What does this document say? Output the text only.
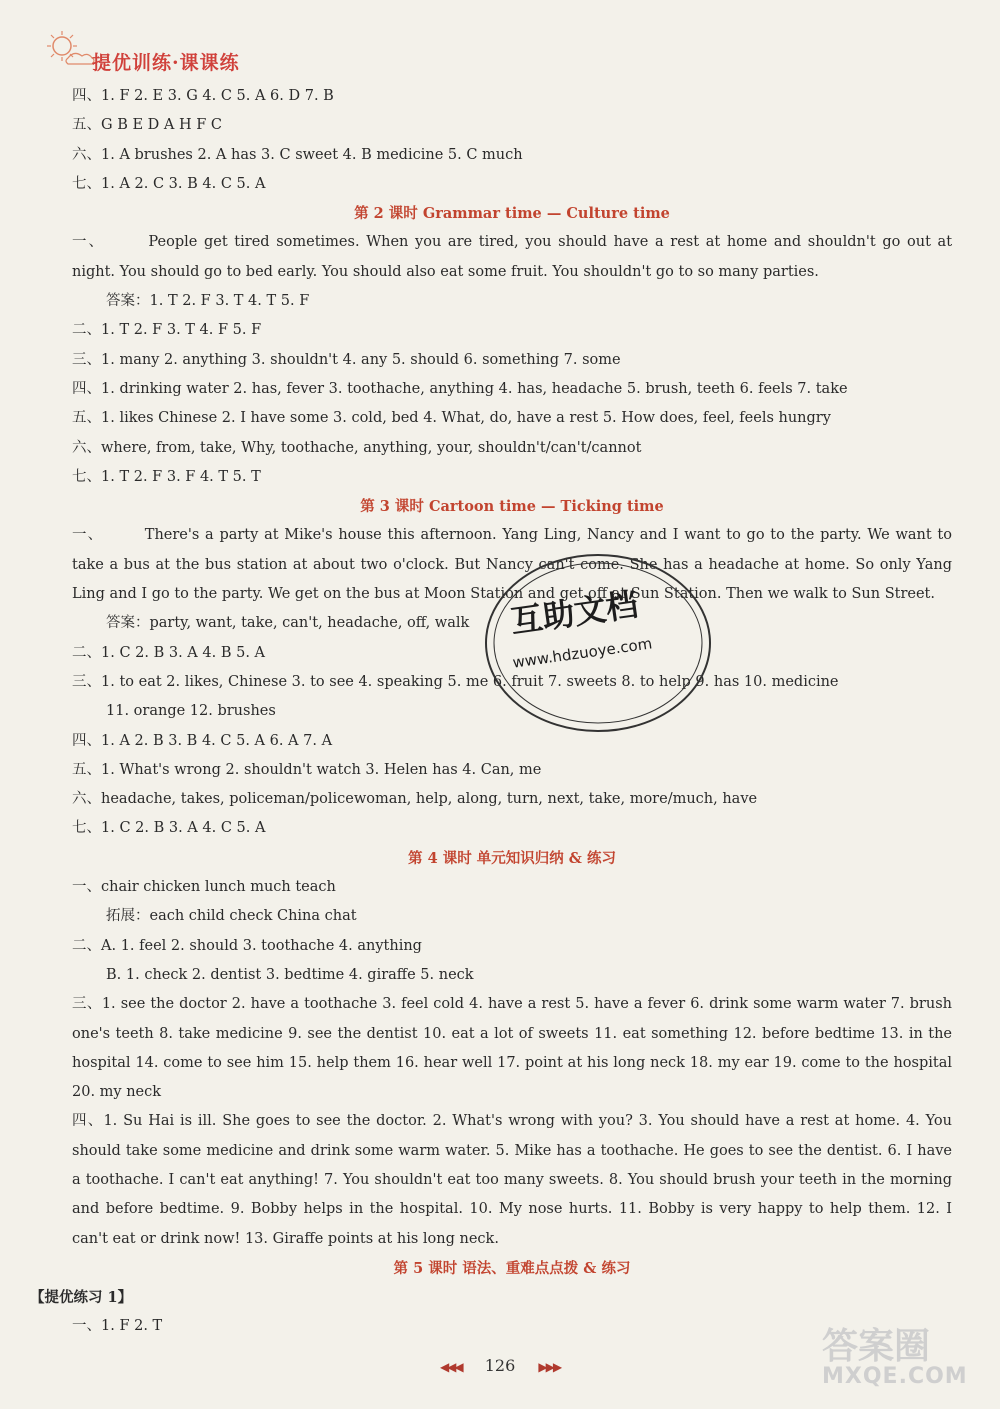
提优训练·课课练
四、1. F 2. E 3. G 4. C 5. A 6. D 7. B
五、G B E D A H F C
六、1. A brushes 2. A has 3. C sweet 4. B medicine 5. C much
七、1. A 2. C 3. B 4. C 5. A
第 2 课时 Grammar time — Culture time
一、	People get tired sometimes. When you are tired, you should have a rest at home and shouldn't go out at night. You should go to bed early. You should also eat some fruit. You shouldn't go to so many parties.
答案：1. T 2. F 3. T 4. T 5. F
二、1. T 2. F 3. T 4. F 5. F
三、1. many 2. anything 3. shouldn't 4. any 5. should 6. something 7. some
四、1. drinking water 2. has, fever 3. toothache, anything 4. has, headache 5. brush, teeth 6. feels 7. take
五、1. likes Chinese 2. I have some 3. cold, bed 4. What, do, have a rest 5. How does, feel, feels hungry
六、where, from, take, Why, toothache, anything, your, shouldn't/can't/cannot
七、1. T 2. F 3. F 4. T 5. T
第 3 课时 Cartoon time — Ticking time
一、	There's a party at Mike's house this afternoon. Yang Ling, Nancy and I want to go to the party. We want to take a bus at the bus station at about two o'clock. But Nancy can't come. She has a headache at home. So only Yang Ling and I go to the party. We get on the bus at Moon Station and get off at Sun Station. Then we walk to Sun Street.
答案：party, want, take, can't, headache, off, walk
二、1. C 2. B 3. A 4. B 5. A
三、1. to eat 2. likes, Chinese 3. to see 4. speaking 5. me 6. fruit 7. sweets 8. to help 9. has 10. medicine
11. orange 12. brushes
四、1. A 2. B 3. B 4. C 5. A 6. A 7. A
五、1. What's wrong 2. shouldn't watch 3. Helen has 4. Can, me
六、headache, takes, policeman/policewoman, help, along, turn, next, take, more/much, have
七、1. C 2. B 3. A 4. C 5. A
第 4 课时 单元知识归纳 & 练习
一、chair chicken lunch much teach
拓展：each child check China chat
二、A. 1. feel 2. should 3. toothache 4. anything
B. 1. check 2. dentist 3. bedtime 4. giraffe 5. neck
三、1. see the doctor 2. have a toothache 3. feel cold 4. have a rest 5. have a fever 6. drink some warm water 7. brush one's teeth 8. take medicine 9. see the dentist 10. eat a lot of sweets 11. eat something 12. before bedtime 13. in the hospital 14. come to see him 15. help them 16. hear well 17. point at his long neck 18. my ear 19. come to the hospital 20. my neck
四、1. Su Hai is ill. She goes to see the doctor. 2. What's wrong with you? 3. You should have a rest at home. 4. You should take some medicine and drink some warm water. 5. Mike has a toothache. He goes to see the dentist. 6. I have a toothache. I can't eat anything! 7. You shouldn't eat too many sweets. 8. You should brush your teeth in the morning and before bedtime. 9. Bobby helps in the hospital. 10. My nose hurts. 11. Bobby is very happy to help them. 12. I can't eat or drink now! 13. Giraffe points at his long neck.
第 5 课时 语法、重难点点拨 & 练习
【提优练习 1】
一、1. F 2. T
互助文档
www.hdzuoye.com
◀◀◀ 126 ▶▶▶	答案圈
MXQE.COM
